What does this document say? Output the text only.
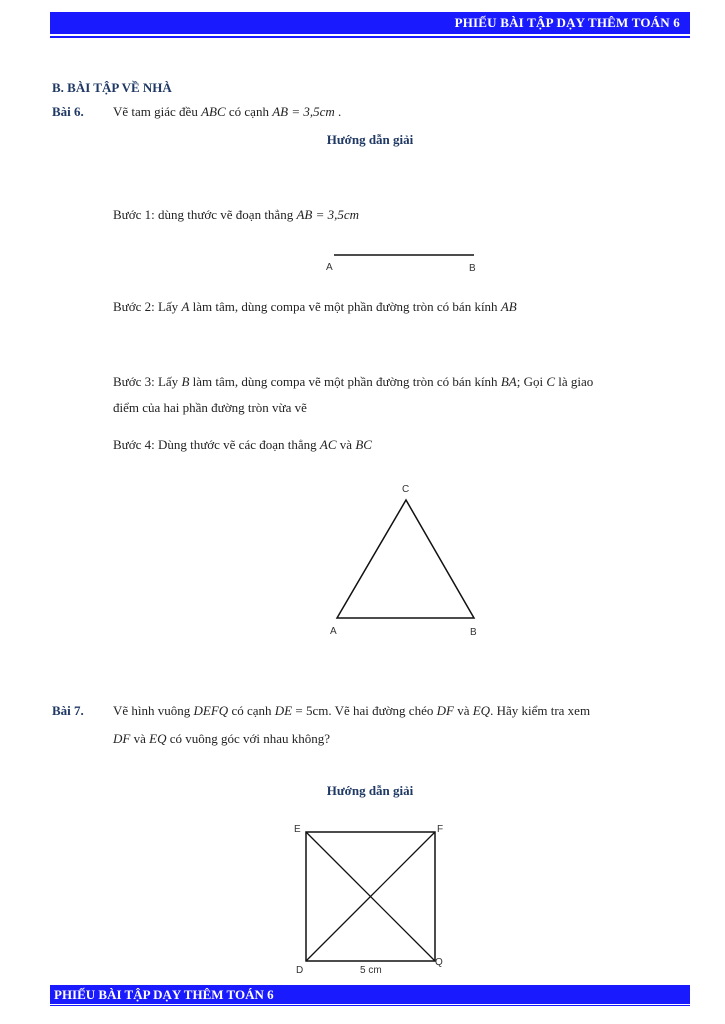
PHIẾU BÀI TẬP DẠY THÊM TOÁN 6
B. BÀI TẬP VỀ NHÀ
Bài 6. Vẽ tam giác đều ABC có cạnh AB = 3,5cm .
Hướng dẫn giải
Bước 1: dùng thước vẽ đoạn thẳng AB = 3,5cm
A	B
Bước 2: Lấy A làm tâm, dùng compa vẽ một phần đường tròn có bán kính AB
Bước 3: Lấy B làm tâm, dùng compa vẽ một phần đường tròn có bán kính BA; Gọi C là giao
điểm của hai phần đường tròn vừa vẽ
Bước 4: Dùng thước vẽ các đoạn thẳng AC và BC
A	B
C
Bài 7. Vẽ hình vuông DEFQ có cạnh DE = 5cm. Vẽ hai đường chéo DF và EQ. Hãy kiểm tra xem
DF và EQ có vuông góc với nhau không?
Hướng dẫn giải
E	F
D
Q
5 cm
PHIẾU BÀI TẬP DẠY THÊM TOÁN 6
